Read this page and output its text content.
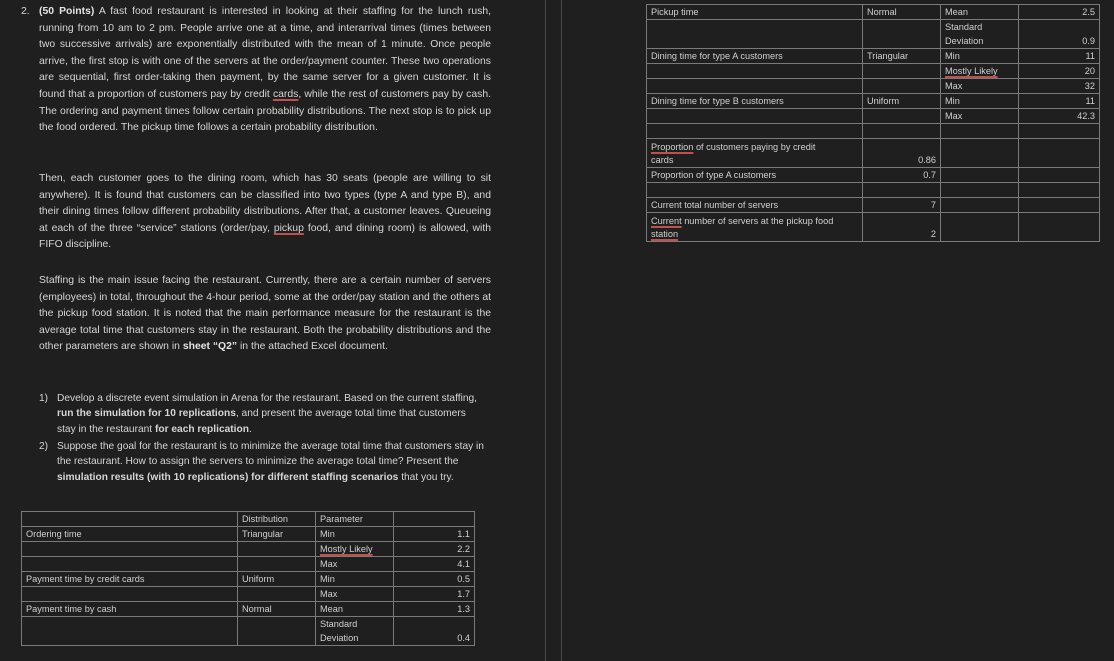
2. (50 Points) A fast food restaurant is interested in looking at their staffing for the lunch rush, running from 10 am to 2 pm. People arrive one at a time, and interarrival times (times between two successive arrivals) are exponentially distributed with the mean of 1 minute. Once people arrive, the first stop is with one of the servers at the order/payment counter. These two operations are sequential, first order-taking then payment, by the same server for a given customer. It is found that a proportion of customers pay by credit cards, while the rest of customers pay by cash. The ordering and payment times follow certain probability distributions. The next stop is to pick up the food ordered. The pickup time follows a certain probability distribution.

Then, each customer goes to the dining room, which has 30 seats (people are willing to sit anywhere). It is found that customers can be classified into two types (type A and type B), and their dining times follow different probability distributions. After that, a customer leaves. Queueing at each of the three “service” stations (order/pay, pickup food, and dining room) is allowed, with FIFO discipline.

Staffing is the main issue facing the restaurant. Currently, there are a certain number of servers (employees) in total, throughout the 4-hour period, some at the order/pay station and the others at the pickup food station. It is noted that the main performance measure for the restaurant is the average total time that customers stay in the restaurant. Both the probability distributions and the other parameters are shown in sheet “Q2” in the attached Excel document.

1) Develop a discrete event simulation in Arena for the restaurant. Based on the current staffing, run the simulation for 10 replications, and present the average total time that customers stay in the restaurant for each replication.

2) Suppose the goal for the restaurant is to minimize the average total time that customers stay in the restaurant. How to assign the servers to minimize the average total time? Present the simulation results (with 10 replications) for different staffing scenarios that you try.

	Distribution	Parameter	
Ordering time	Triangular	Min	1.1
		Mostly Likely	2.2
		Max	4.1
Payment time by credit cards	Uniform	Min	0.5
		Max	1.7
Payment time by cash	Normal	Mean	1.3
		Standard	
		Deviation	0.4
Pickup time	Normal	Mean	2.5
		Standard	
		Deviation	0.9
Dining time for type A customers	Triangular	Min	11
		Mostly Likely	20
		Max	32
Dining time for type B customers	Uniform	Min	11
		Max	42.3

Proportion of customers paying by credit
cards	0.86		
Proportion of type A customers	0.7		

Current total number of servers	7		
Current number of servers at the pickup food
station	2		
